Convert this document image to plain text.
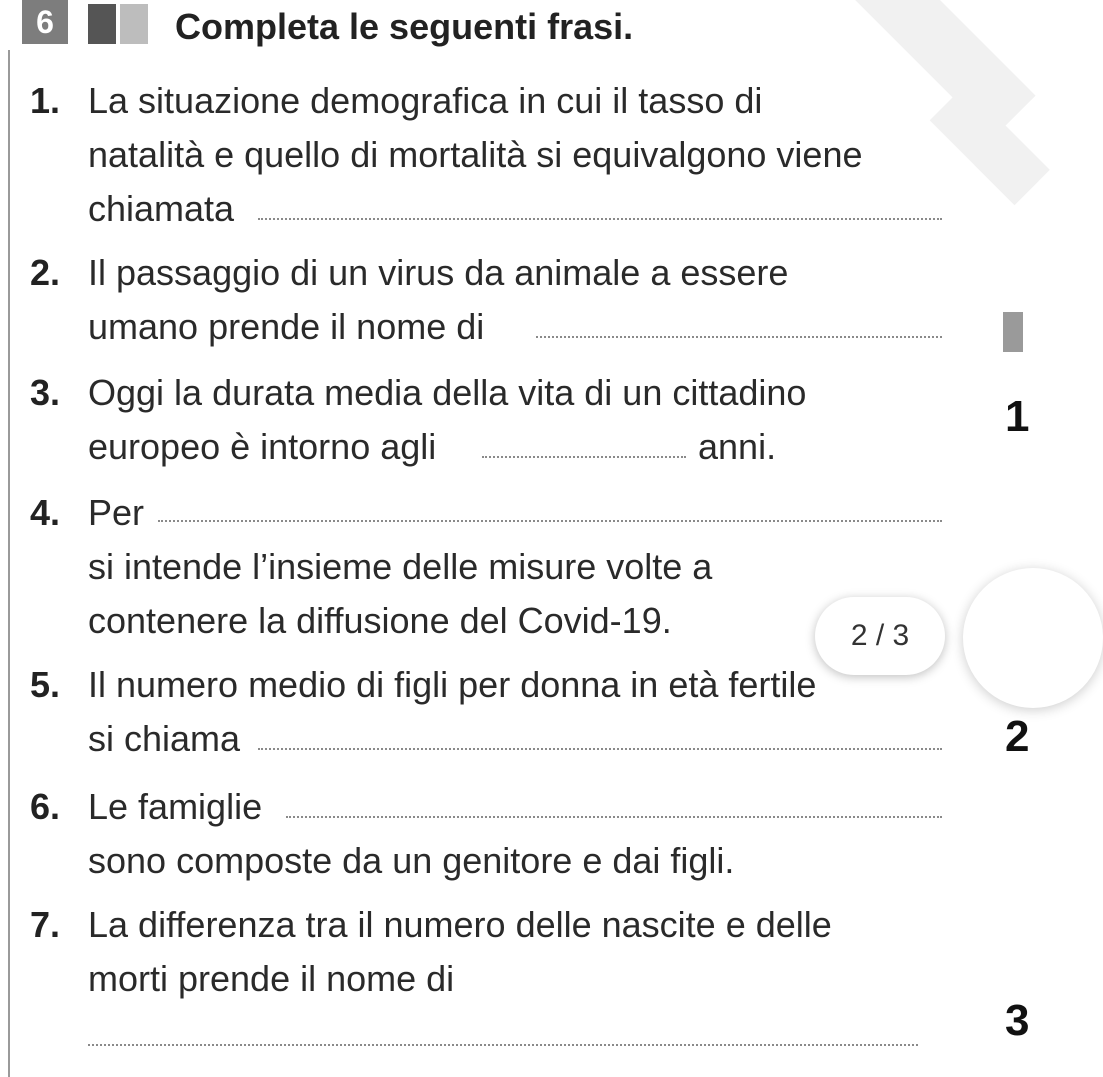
6	Completa le seguenti frasi.
1. La situazione demografica in cui il tasso di
natalità e quello di mortalità si equivalgono viene
chiamata
2. Il passaggio di un virus da animale a essere
umano prende il nome di
3. Oggi la durata media della vita di un cittadino
europeo è intorno agli	anni.
4. Per
si intende l’insieme delle misure volte a
contenere la diffusione del Covid-19.
5. Il numero medio di figli per donna in età fertile
si chiama
6. Le famiglie
sono composte da un genitore e dai figli.
7. La differenza tra il numero delle nascite e delle
morti prende il nome di
2 / 3
1
2
3
